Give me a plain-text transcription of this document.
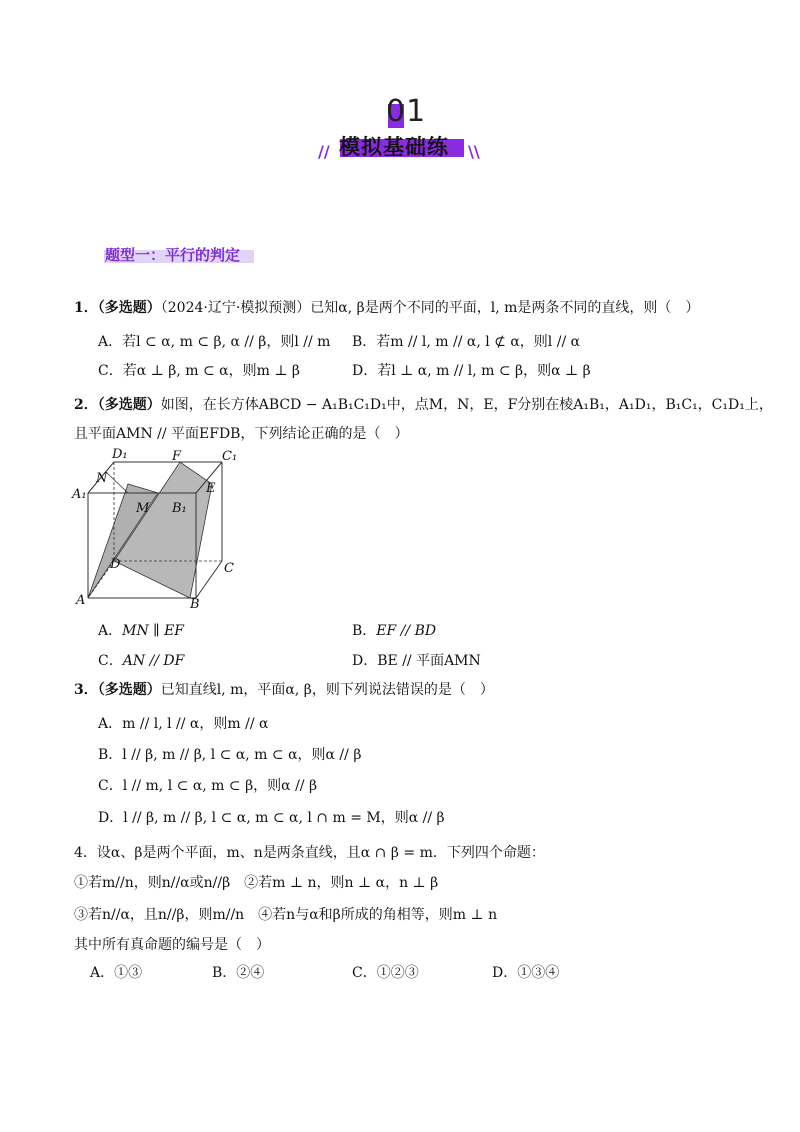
01
// 模拟基础练 \\
题型一：平行的判定
1．（多选题）（2024·辽宁·模拟预测）已知α, β是两个不同的平面，l, m是两条不同的直线，则（　）
A．若l ⊂ α, m ⊂ β, α // β，则l // m B．若m // l, m // α, l ⊄ α，则l // α
C．若α ⊥ β, m ⊂ α，则m ⊥ β	D．若l ⊥ α, m // l, m ⊂ β，则α ⊥ β
2．（多选题）如图，在长方体ABCD − A₁B₁C₁D₁中，点M，N，E，F分别在棱A₁B₁，A₁D₁，B₁C₁，C₁D₁上，
且平面AMN // 平面EFDB，下列结论正确的是（　）
D₁	F	C₁
N
E
A₁
M B₁
D	C
A	B
A．MN ∥ EF	B．EF // BD
C．AN // DF	D．BE // 平面AMN
3．（多选题）已知直线l, m，平面α, β，则下列说法错误的是（　）
A．m // l, l // α，则m // α
B．l // β, m // β, l ⊂ α, m ⊂ α，则α // β
C．l // m, l ⊂ α, m ⊂ β，则α // β
D．l // β, m // β, l ⊂ α, m ⊂ α, l ∩ m = M，则α // β
4．设α、β是两个平面，m、n是两条直线，且α ∩ β = m．下列四个命题：
①若m//n，则n//α或n//β　②若m ⊥ n，则n ⊥ α，n ⊥ β
③若n//α，且n//β，则m//n　④若n与α和β所成的角相等，则m ⊥ n
其中所有真命题的编号是（　）
A．①③	B．②④	C．①②③	D．①③④
